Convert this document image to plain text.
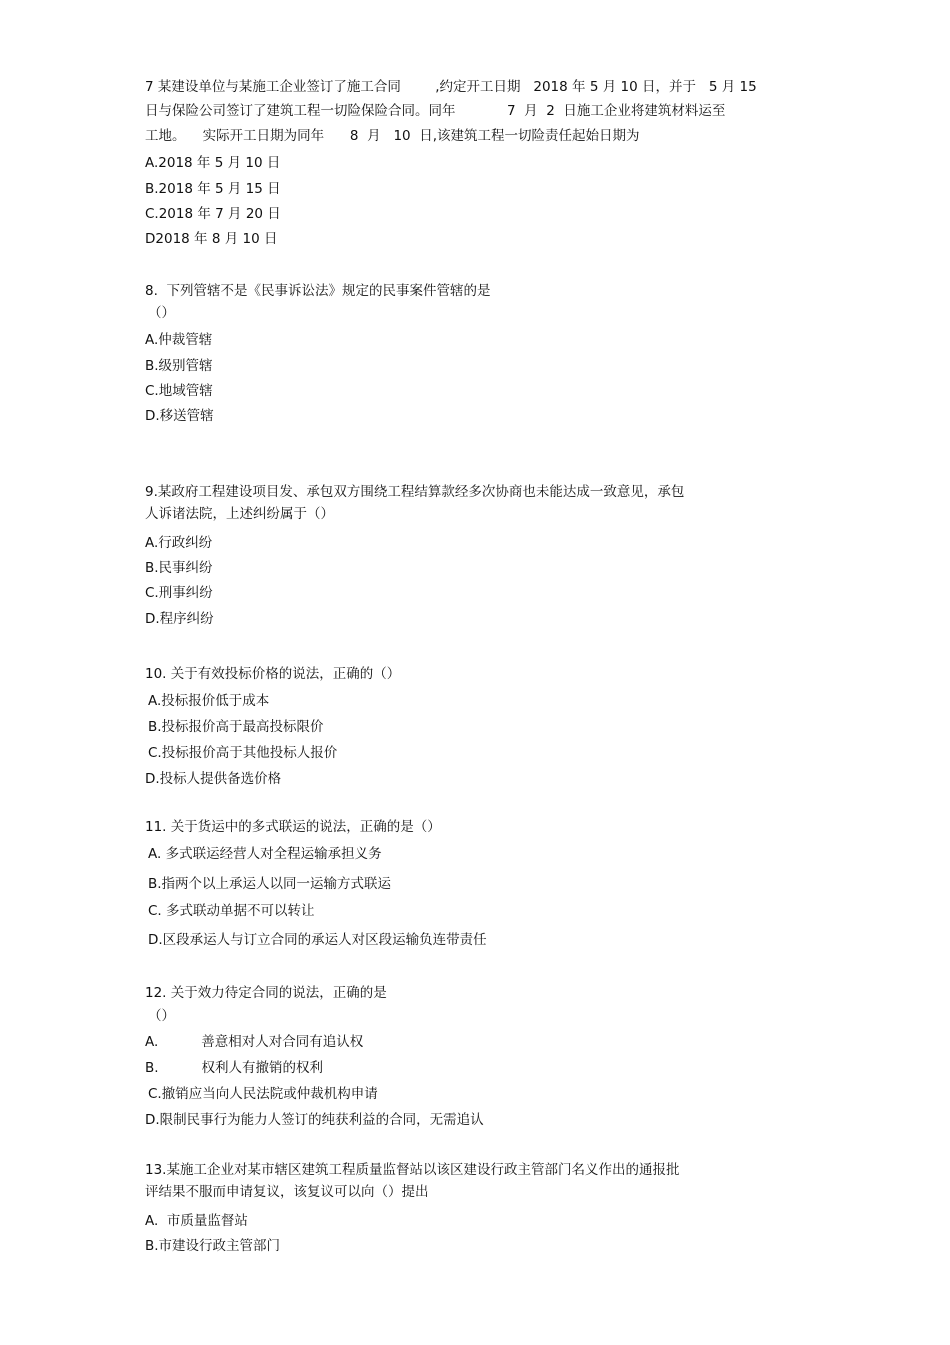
7 某建设单位与某施工企业签订了施工合同        ,约定开工日期   2018 年 5 月 10 日，并于   5 月 15
日与保险公司签订了建筑工程一切险保险合同。同年            7  月  2  日施工企业将建筑材料运至
工地。    实际开工日期为同年      8  月   10  日,该建筑工程一切险责任起始日期为
A.2018 年 5 月 10 日
B.2018 年 5 月 15 日
C.2018 年 7 月 20 日
D2018 年 8 月 10 日
8.  下列管辖不是《民事诉讼法》规定的民事案件管辖的是
（）
A.仲裁管辖
B.级别管辖
C.地域管辖
D.移送管辖
9.某政府工程建设项目发、承包双方围绕工程结算款经多次协商也未能达成一致意见，承包
人诉诸法院，上述纠纷属于（）
A.行政纠纷
B.民事纠纷
C.刑事纠纷
D.程序纠纷
10. 关于有效投标价格的说法，正确的（）
A.投标报价低于成本
B.投标报价高于最高投标限价
C.投标报价高于其他投标人报价
D.投标人提供备选价格
11. 关于货运中的多式联运的说法，正确的是（）
A. 多式联运经营人对全程运输承担义务
B.指两个以上承运人以同一运输方式联运
C. 多式联动单据不可以转让
D.区段承运人与订立合同的承运人对区段运输负连带责任
12. 关于效力待定合同的说法，正确的是
（）
A.          善意相对人对合同有追认权
B.          权利人有撤销的权利
C.撤销应当向人民法院或仲裁机构申请
D.限制民事行为能力人签订的纯获利益的合同，无需追认
13.某施工企业对某市辖区建筑工程质量监督站以该区建设行政主管部门名义作出的通报批
评结果不服而申请复议，该复议可以向（）提出
A.  市质量监督站
B.市建设行政主管部门
